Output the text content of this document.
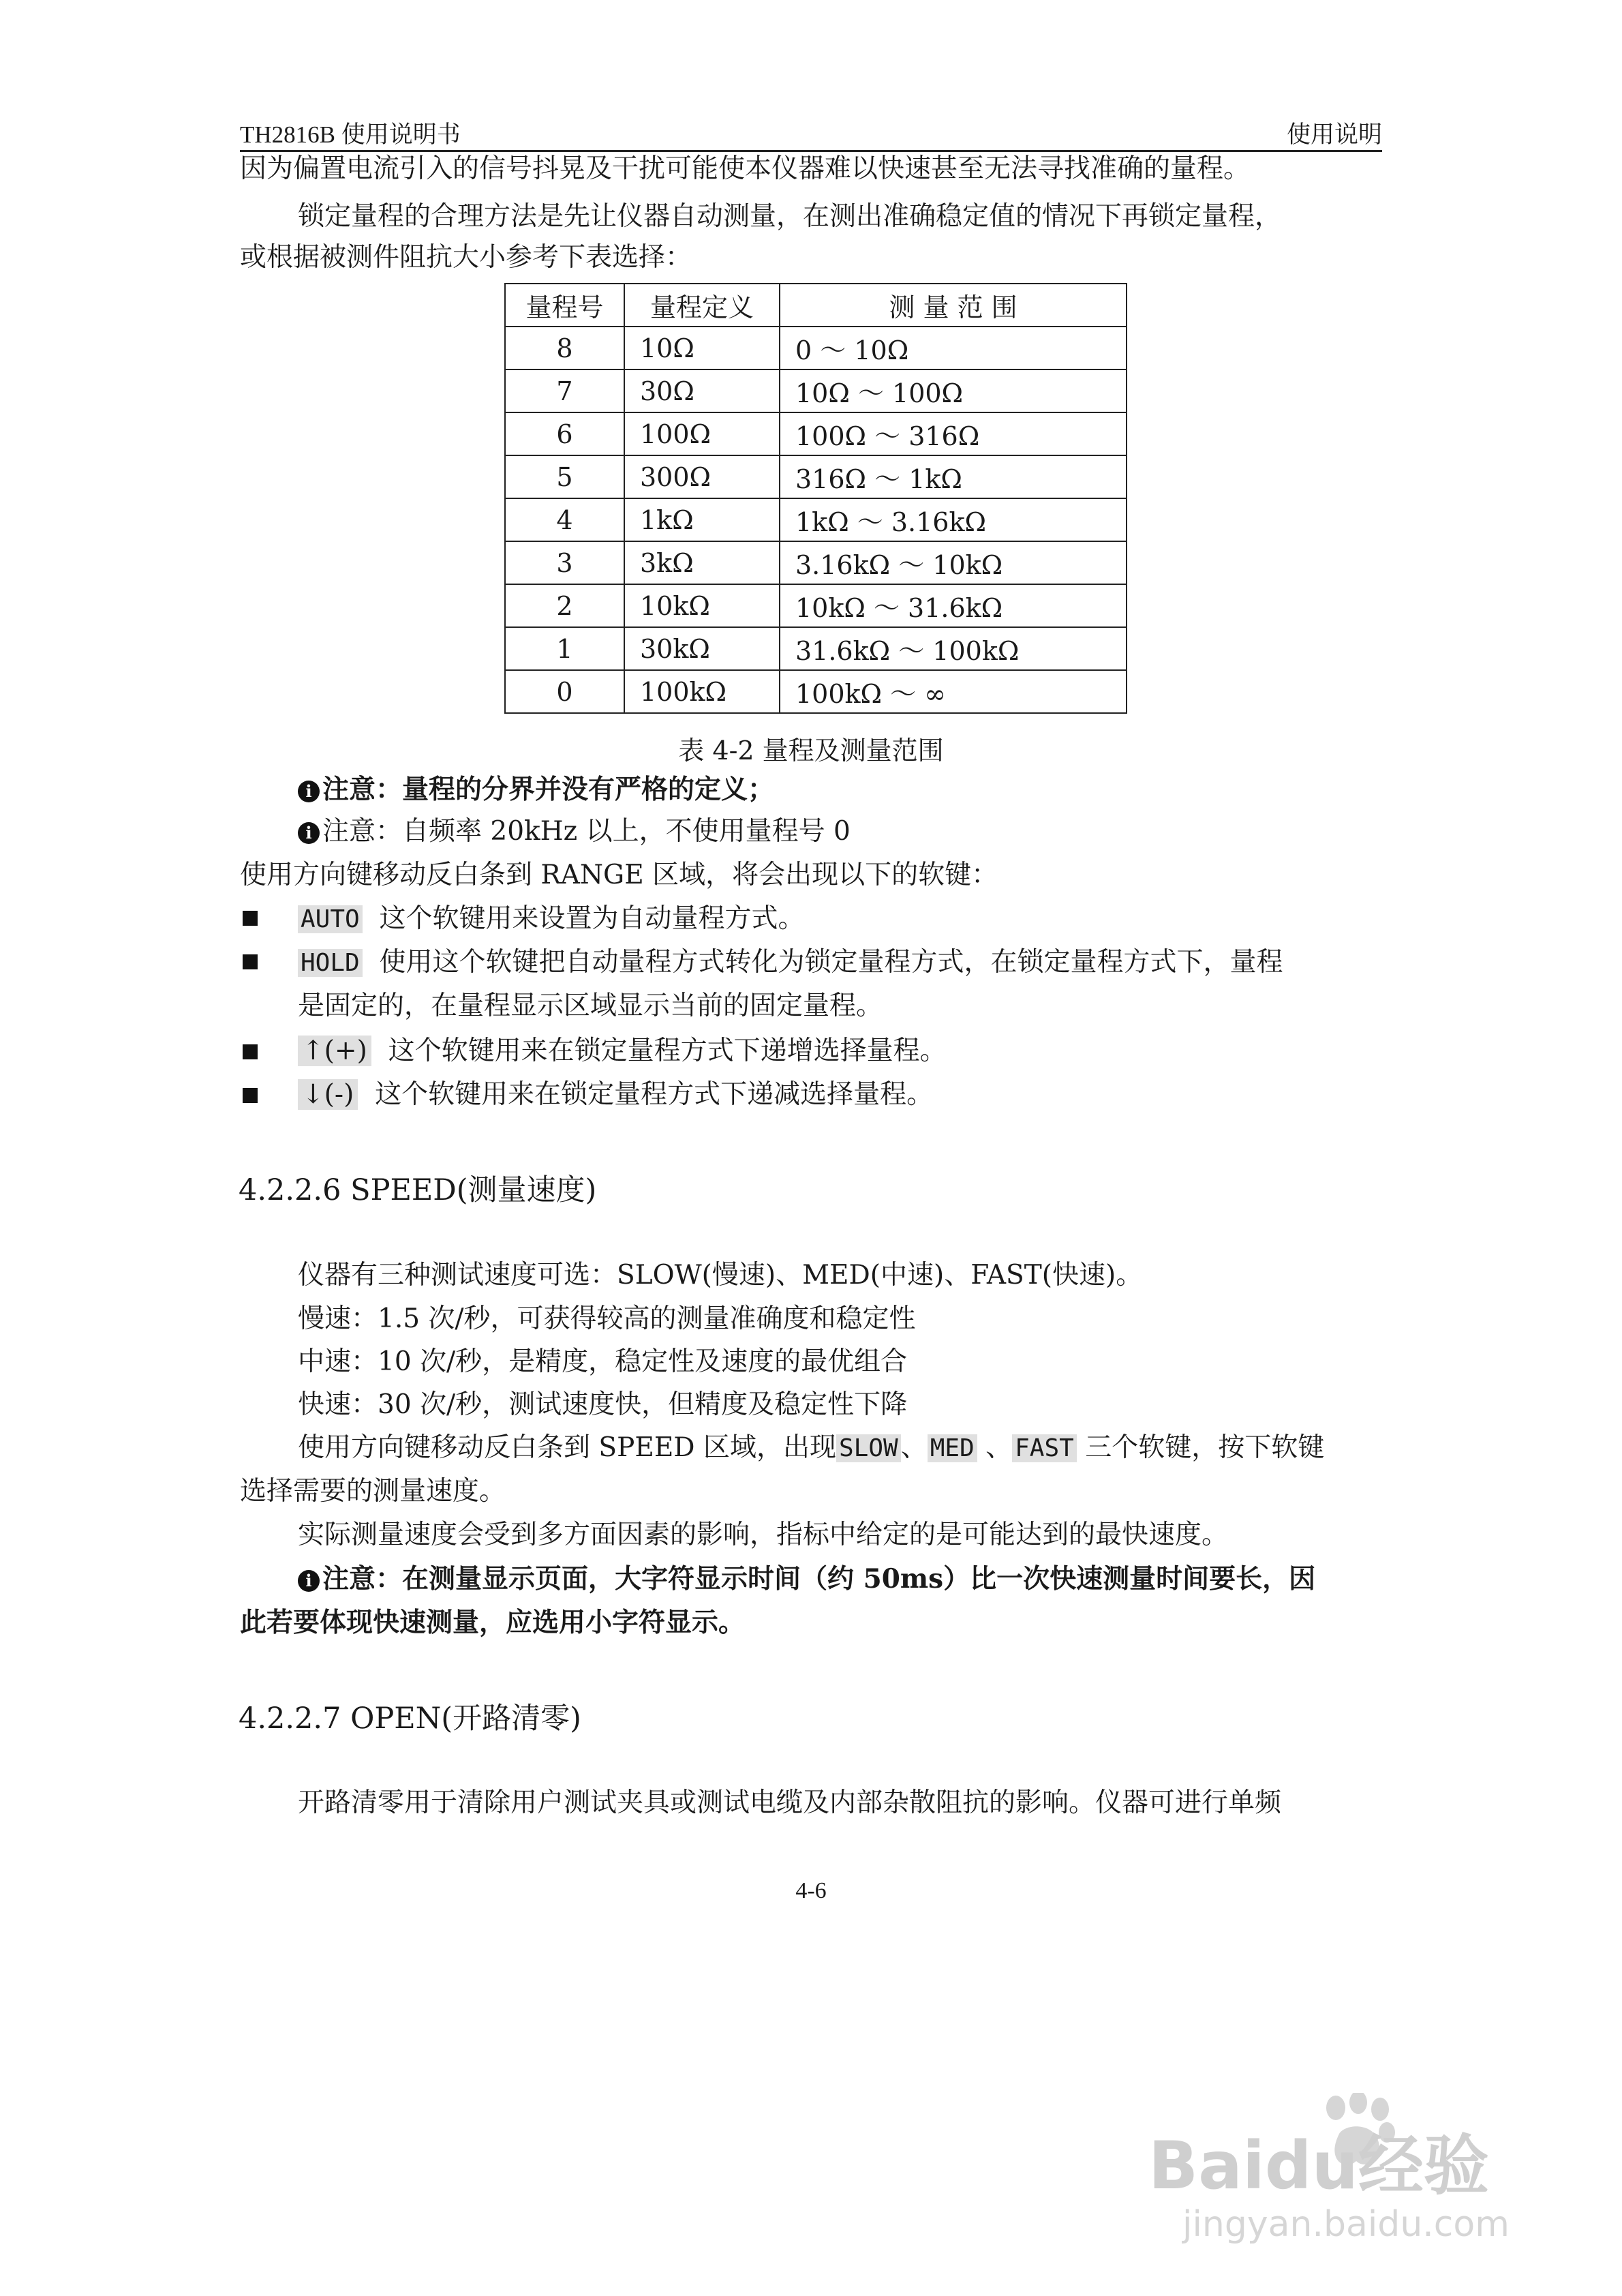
TH2816B 使用说明书	使用说明
因为偏置电流引入的信号抖晃及干扰可能使本仪器难以快速甚至无法寻找准确的量程。
锁定量程的合理方法是先让仪器自动测量，在测出准确稳定值的情况下再锁定量程，
或根据被测件阻抗大小参考下表选择：
量程号	量程定义	测 量 范 围
8	10Ω	0 ～ 10Ω
7	30Ω	10Ω ～ 100Ω
6	100Ω	100Ω ～ 316Ω
5	300Ω	316Ω ～ 1kΩ
4	1kΩ	1kΩ ～ 3.16kΩ
3	3kΩ	3.16kΩ ～ 10kΩ
2	10kΩ	10kΩ ～ 31.6kΩ
1	30kΩ	31.6kΩ ～ 100kΩ
0	100kΩ	100kΩ ～ ∞
表 4-2 量程及测量范围
i 注意：量程的分界并没有严格的定义；
i 注意：自频率 20kHz 以上，不使用量程号 0
使用方向键移动反白条到 RANGE 区域，将会出现以下的软键：
AUTO 这个软键用来设置为自动量程方式。
HOLD 使用这个软键把自动量程方式转化为锁定量程方式，在锁定量程方式下，量程
是固定的，在量程显示区域显示当前的固定量程。
↑(+) 这个软键用来在锁定量程方式下递增选择量程。
↓(-) 这个软键用来在锁定量程方式下递减选择量程。
4.2.2.6 SPEED(测量速度)
仪器有三种测试速度可选：SLOW(慢速)、MED(中速)、FAST(快速)。
慢速：1.5 次/秒，可获得较高的测量准确度和稳定性
中速：10 次/秒，是精度，稳定性及速度的最优组合
快速：30 次/秒，测试速度快，但精度及稳定性下降
使用方向键移动反白条到 SPEED 区域，出现 SLOW 、 MED 、 FAST 三个软键，按下软键
选择需要的测量速度。
实际测量速度会受到多方面因素的影响，指标中给定的是可能达到的最快速度。
i 注意：在测量显示页面，大字符显示时间（约 50ms）比一次快速测量时间要长，因
此若要体现快速测量，应选用小字符显示。
4.2.2.7 OPEN(开路清零)
开路清零用于清除用户测试夹具或测试电缆及内部杂散阻抗的影响。仪器可进行单频
4-6
Baidu经验
jingyan.baidu.com
